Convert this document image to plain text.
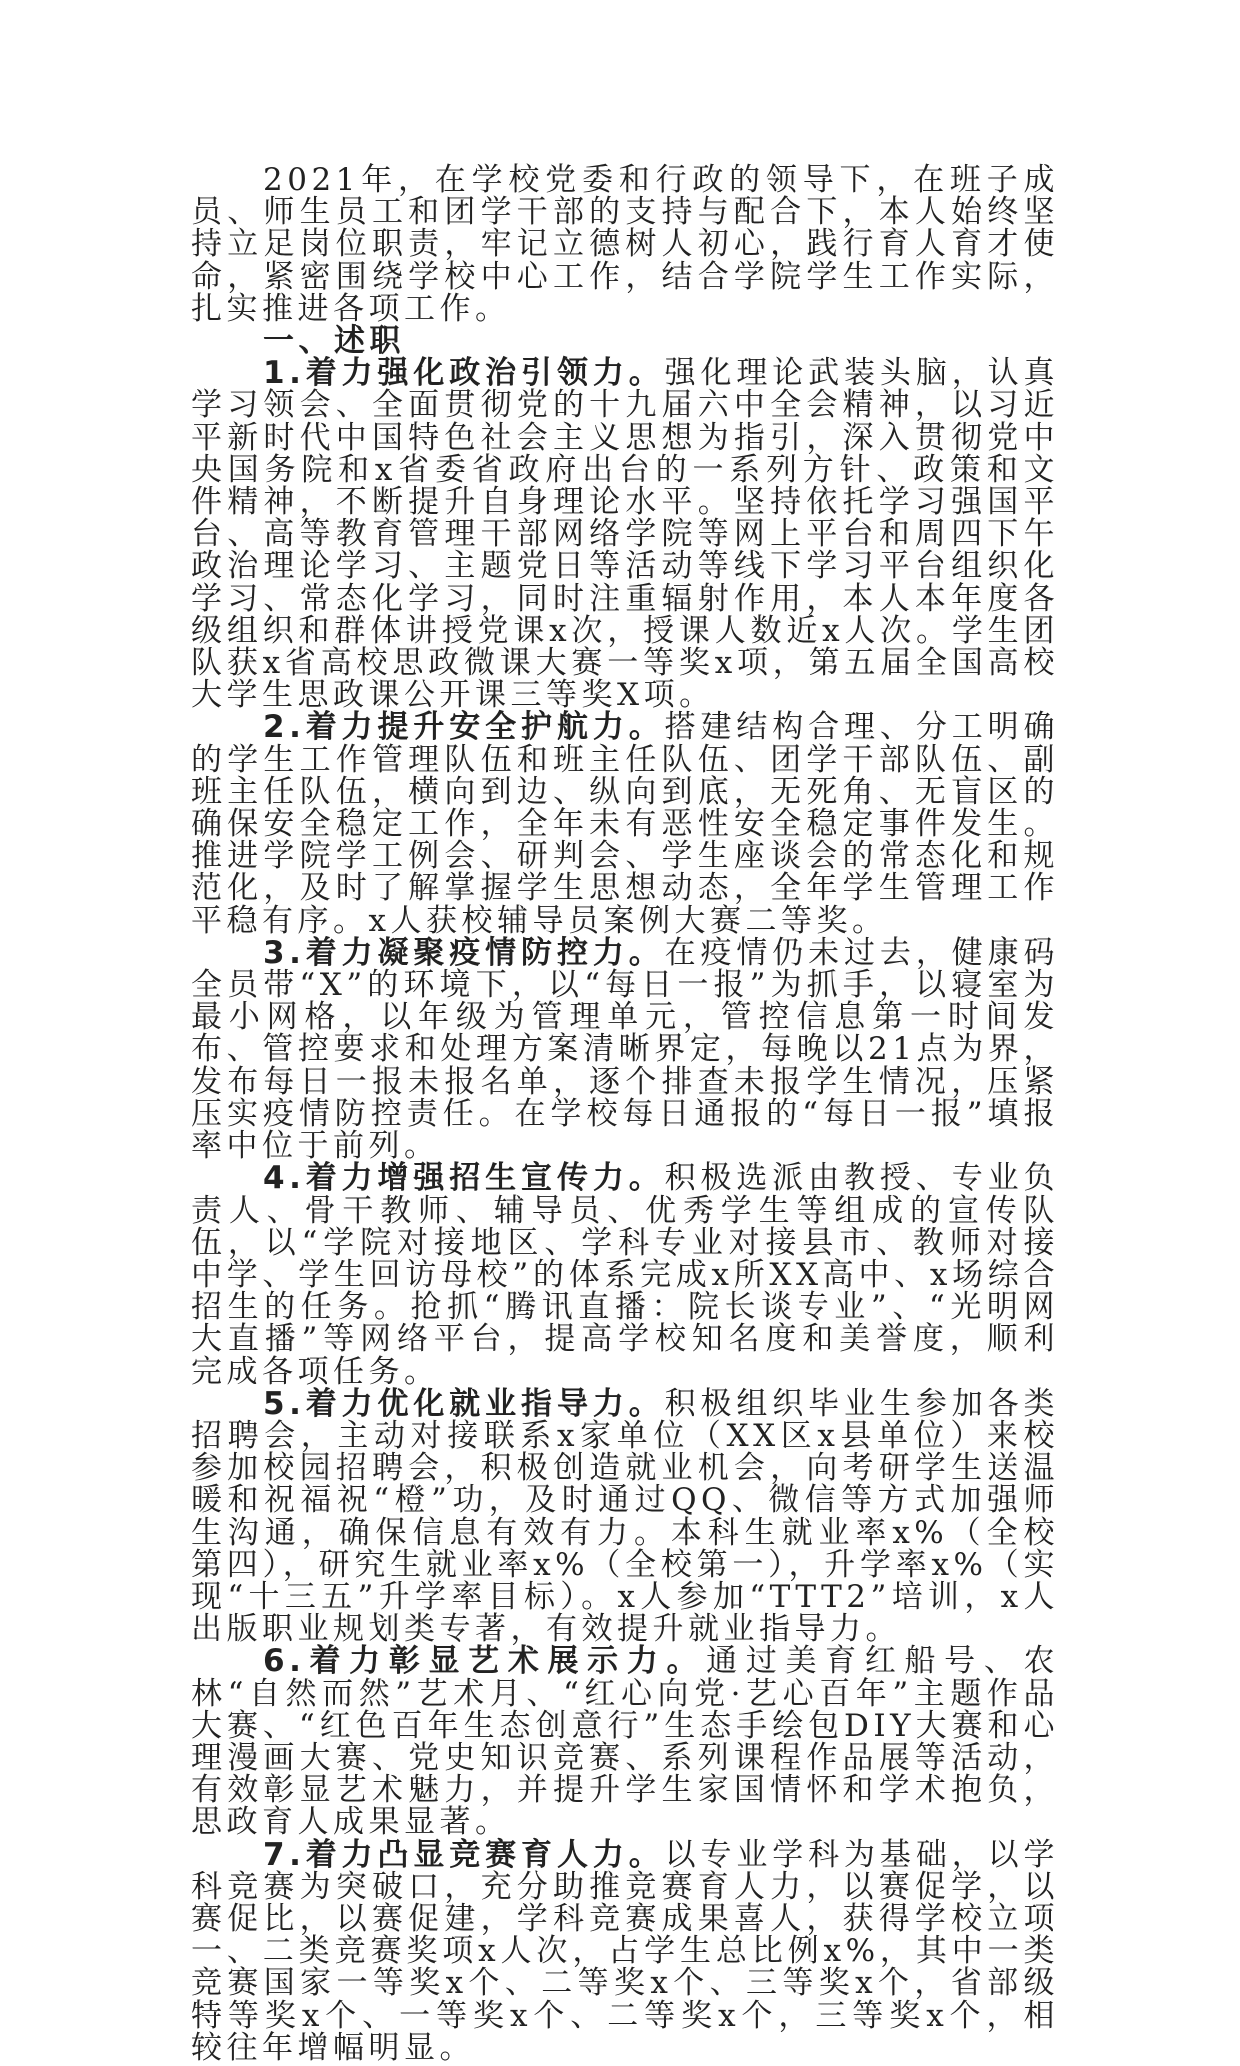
2021年，在学校党委和行政的领导下，在班子成员、师生员工和团学干部的支持与配合下，本人始终坚持立足岗位职责，牢记立德树人初心，践行育人育才使命，紧密围绕学校中心工作，结合学院学生工作实际，扎实推进各项工作。

一、述职

1.着力强化政治引领力。强化理论武装头脑，认真学习领会、全面贯彻党的十九届六中全会精神，以习近平新时代中国特色社会主义思想为指引，深入贯彻党中央国务院和x省委省政府出台的一系列方针、政策和文件精神，不断提升自身理论水平。坚持依托学习强国平台、高等教育管理干部网络学院等网上平台和周四下午政治理论学习、主题党日等活动等线下学习平台组织化学习、常态化学习，同时注重辐射作用，本人本年度各级组织和群体讲授党课x次，授课人数近x人次。学生团队获x省高校思政微课大赛一等奖x项，第五届全国高校大学生思政课公开课三等奖X项。

2.着力提升安全护航力。搭建结构合理、分工明确的学生工作管理队伍和班主任队伍、团学干部队伍、副班主任队伍，横向到边、纵向到底，无死角、无盲区的确保安全稳定工作，全年未有恶性安全稳定事件发生。推进学院学工例会、研判会、学生座谈会的常态化和规范化，及时了解掌握学生思想动态，全年学生管理工作平稳有序。x人获校辅导员案例大赛二等奖。

3.着力凝聚疫情防控力。在疫情仍未过去，健康码全员带“X”的环境下，以“每日一报”为抓手，以寝室为最小网格，以年级为管理单元，管控信息第一时间发布、管控要求和处理方案清晰界定，每晚以21点为界，发布每日一报未报名单，逐个排查未报学生情况，压紧压实疫情防控责任。在学校每日通报的“每日一报”填报率中位于前列。

4.着力增强招生宣传力。积极选派由教授、专业负责人、骨干教师、辅导员、优秀学生等组成的宣传队伍，以“学院对接地区、学科专业对接县市、教师对接中学、学生回访母校”的体系完成x所XX高中、x场综合招生的任务。抢抓“腾讯直播：院长谈专业”、“光明网大直播”等网络平台，提高学校知名度和美誉度，顺利完成各项任务。

5.着力优化就业指导力。积极组织毕业生参加各类招聘会，主动对接联系x家单位（XX区x县单位）来校参加校园招聘会，积极创造就业机会，向考研学生送温暖和祝福祝“橙”功，及时通过QQ、微信等方式加强师生沟通，确保信息有效有力。本科生就业率x%（全校第四），研究生就业率x%（全校第一），升学率x%（实现“十三五”升学率目标）。x人参加“TTT2”培训，x人出版职业规划类专著，有效提升就业指导力。

6.着力彰显艺术展示力。通过美育红船号、农林“自然而然”艺术月、“红心向党·艺心百年”主题作品大赛、“红色百年生态创意行”生态手绘包DIY大赛和心理漫画大赛、党史知识竞赛、系列课程作品展等活动，有效彰显艺术魅力，并提升学生家国情怀和学术抱负，思政育人成果显著。

7.着力凸显竞赛育人力。以专业学科为基础，以学科竞赛为突破口，充分助推竞赛育人力，以赛促学，以赛促比，以赛促建，学科竞赛成果喜人，获得学校立项一、二类竞赛奖项x人次，占学生总比例x%，其中一类竞赛国家一等奖x个、二等奖x个、三等奖x个，省部级特等奖x个、一等奖x个、二等奖x个，三等奖x个，相较往年增幅明显。
